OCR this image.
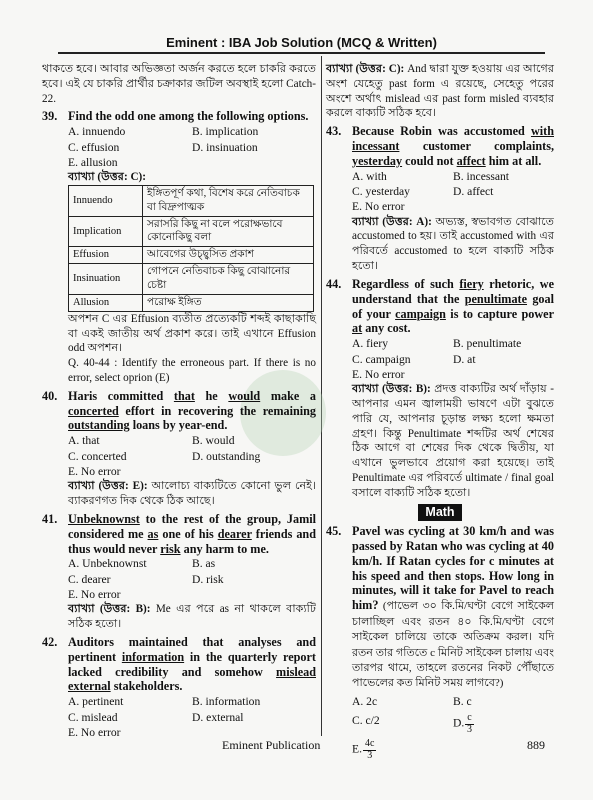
Eminent : IBA Job Solution (MCQ & Written)
থাকতে হবে। আবার অভিজ্ঞতা অর্জন করতে হলে চাকরি করতে হবে। এই যে চাকরি প্রার্থীর চক্রাকার জটিল অবস্থাই হলো Catch-22.
39. Find the odd one among the following options.
A. innuendo	B. implication
C. effusion	D. insinuation
E. allusion
ব্যাখ্যা (উত্তর: C):
Innuendo	ইঙ্গিতপূর্ণ কথা, বিশেষ করে নেতিবাচক বা বিদ্রুপাত্মক
Implication	সরাসরি কিছু না বলে পরোক্ষভাবে কোনোকিছু বলা
Effusion	আবেগের উচ্ছ্বসিত প্রকাশ
Insinuation	গোপনে নেতিবাচক কিছু বোঝানোর চেষ্টা
Allusion	পরোক্ষ ইঙ্গিত
অপশন C এর Effusion ব্যতীত প্রত্যেকটি শব্দই কাছাকাছি বা একই জাতীয় অর্থ প্রকাশ করে। তাই এখানে Effusion odd অপশন।
Q. 40-44 : Identify the erroneous part. If there is no error, select oprion (E)
40. Haris committed that he would make a concerted effort in recovering the remaining outstanding loans by year-end.
A. that	B. would
C. concerted	D. outstanding
E. No error
ব্যাখ্যা (উত্তর: E): আলোচ্য বাক্যটিতে কোনো ভুল নেই। ব্যাকরণগত দিক থেকে ঠিক আছে।
41. Unbeknownst to the rest of the group, Jamil considered me as one of his dearer friends and thus would never risk any harm to me.
A. Unbeknownst	B. as
C. dearer	D. risk
E. No error
ব্যাখ্যা (উত্তর: B): Me এর পরে as না থাকলে বাক্যটি সঠিক হতো।
42. Auditors maintained that analyses and pertinent information in the quarterly report lacked credibility and somehow mislead external stakeholders.
A. pertinent	B. information
C. mislead	D. external
E. No error
ব্যাখ্যা (উত্তর: C): And দ্বারা যুক্ত হওয়ায় এর আগের অংশ যেহেতু past form এ রয়েছে, সেহেতু পরের অংশে অর্থাৎ mislead এর past form misled ব্যবহার করলে বাক্যটি সঠিক হবে।
43. Because Robin was accustomed with incessant customer complaints, yesterday could not affect him at all.
A. with	B. incessant
C. yesterday	D. affect
E. No error
ব্যাখ্যা (উত্তর: A): অভ্যস্ত, স্বভাবগত বোঝাতে accustomed to হয়। তাই accustomed with এর পরিবর্তে accustomed to হলে বাক্যটি সঠিক হতো।
44. Regardless of such fiery rhetoric, we understand that the penultimate goal of your campaign is to capture power at any cost.
A. fiery	B. penultimate
C. campaign	D. at
E. No error
ব্যাখ্যা (উত্তর: B): প্রদত্ত বাক্যটির অর্থ দাঁড়ায় - আপনার এমন জ্বালাময়ী ভাষণে এটা বুঝতে পারি যে, আপনার চূড়ান্ত লক্ষ্য হলো ক্ষমতা গ্রহণ। কিন্তু Penultimate শব্দটির অর্থ শেষের ঠিক আগে বা শেষের দিক থেকে দ্বিতীয়, যা এখানে ভুলভাবে প্রয়োগ করা হয়েছে। তাই Penultimate এর পরিবর্তে ultimate / final goal বসালে বাক্যটি সঠিক হতো।
Math
45. Pavel was cycling at 30 km/h and was passed by Ratan who was cycling at 40 km/h. If Ratan cycles for c minutes at his speed and then stops. How long in minutes, will it take for Pavel to reach him? (পাভেল ৩০ কি.মি/ঘণ্টা বেগে সাইকেল চালাচ্ছিল এবং রতন ৪০ কি.মি/ঘণ্টা বেগে সাইকেল চালিয়ে তাকে অতিক্রম করল। যদি রতন তার গতিতে c মিনিট সাইকেল চালায় এবং তারপর থামে, তাহলে রতনের নিকট পৌঁছাতে পাভেলের কত মিনিট সময় লাগবে?)
A. 2c	B. c
C. c/2	D. $\frac{c}{3}$
E. $\frac{4c}{3}$
Eminent Publication	889
